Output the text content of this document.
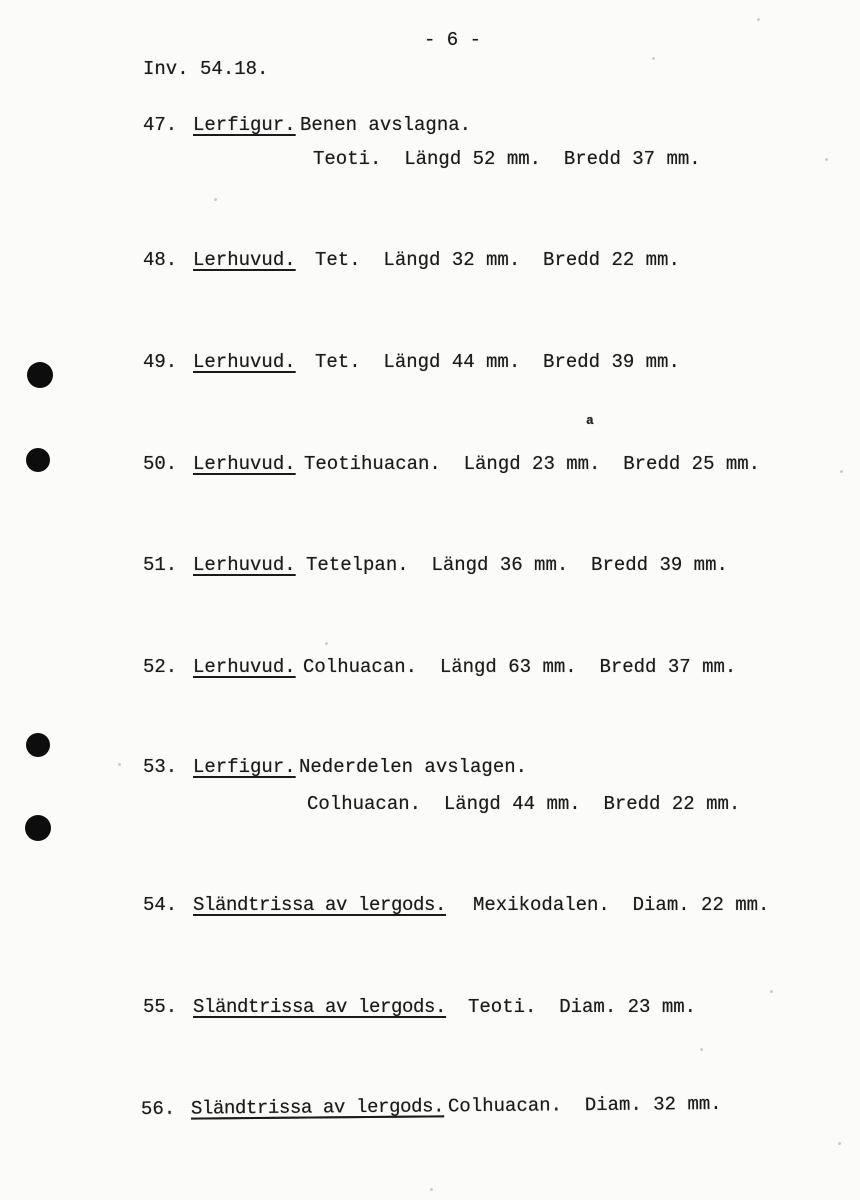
- 6 -
Inv. 54.18.

47.

Lerfigur.

Benen avslagna.

Teoti.  Längd 52 mm.  Bredd 37 mm.

48.

Lerhuvud.

Tet.  Längd 32 mm.  Bredd 22 mm.

49.

Lerhuvud.

Tet.  Längd 44 mm.  Bredd 39 mm.

50.

Lerhuvud.

Teotihuacan.  Längd 23 mm.  Bredd 25 mm.

51.

Lerhuvud.

Tetelpan.  Längd 36 mm.  Bredd 39 mm.

52.

Lerhuvud.

Colhuacan.  Längd 63 mm.  Bredd 37 mm.

53.

Lerfigur.

Nederdelen avslagen.

Colhuacan.  Längd 44 mm.  Bredd 22 mm.

54.

Sländtrissa av lergods.

Mexikodalen.  Diam. 22 mm.

55.

Sländtrissa av lergods.

Teoti.  Diam. 23 mm.

56.

Sländtrissa av lergods.

Colhuacan.  Diam. 32 mm.

a
